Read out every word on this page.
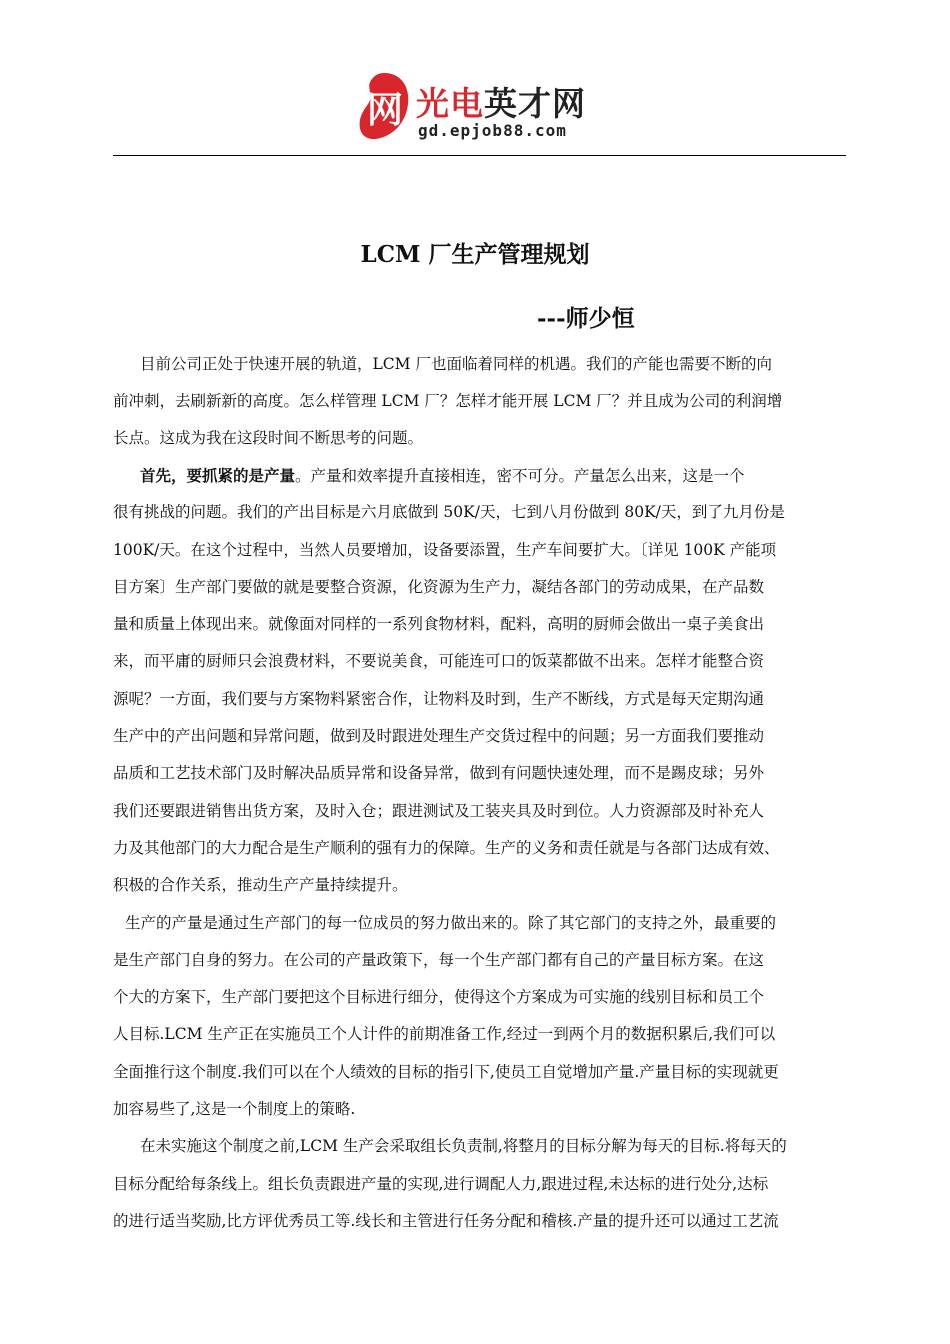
网 光电英才网
gd.epjob88.com
LCM 厂生产管理规划
---师少恒
目前公司正处于快速开展的轨道，LCM 厂也面临着同样的机遇。我们的产能也需要不断的向
前冲刺，去刷新新的高度。怎么样管理 LCM 厂？怎样才能开展 LCM 厂？并且成为公司的利润增
长点。这成为我在这段时间不断思考的问题。
首先，要抓紧的是产量。产量和效率提升直接相连，密不可分。产量怎么出来，这是一个
很有挑战的问题。我们的产出目标是六月底做到 50K/天，七到八月份做到 80K/天，到了九月份是
100K/天。在这个过程中，当然人员要增加，设备要添置，生产车间要扩大。〔详见 100K 产能项
目方案〕生产部门要做的就是要整合资源，化资源为生产力，凝结各部门的劳动成果，在产品数
量和质量上体现出来。就像面对同样的一系列食物材料，配料，高明的厨师会做出一桌子美食出
来，而平庸的厨师只会浪费材料，不要说美食，可能连可口的饭菜都做不出来。怎样才能整合资
源呢？一方面，我们要与方案物料紧密合作，让物料及时到，生产不断线，方式是每天定期沟通
生产中的产出问题和异常问题，做到及时跟进处理生产交货过程中的问题；另一方面我们要推动
品质和工艺技术部门及时解决品质异常和设备异常，做到有问题快速处理，而不是踢皮球；另外
我们还要跟进销售出货方案，及时入仓；跟进测试及工装夹具及时到位。人力资源部及时补充人
力及其他部门的大力配合是生产顺利的强有力的保障。生产的义务和责任就是与各部门达成有效、
积极的合作关系，推动生产产量持续提升。
生产的产量是通过生产部门的每一位成员的努力做出来的。除了其它部门的支持之外，最重要的
是生产部门自身的努力。在公司的产量政策下，每一个生产部门都有自己的产量目标方案。在这
个大的方案下，生产部门要把这个目标进行细分，使得这个方案成为可实施的线别目标和员工个
人目标.LCM 生产正在实施员工个人计件的前期准备工作,经过一到两个月的数据积累后,我们可以
全面推行这个制度.我们可以在个人绩效的目标的指引下,使员工自觉增加产量.产量目标的实现就更
加容易些了,这是一个制度上的策略.
在未实施这个制度之前,LCM 生产会采取组长负责制,将整月的目标分解为每天的目标.将每天的
目标分配给每条线上。组长负责跟进产量的实现,进行调配人力,跟进过程,未达标的进行处分,达标
的进行适当奖励,比方评优秀员工等.线长和主管进行任务分配和稽核.产量的提升还可以通过工艺流
